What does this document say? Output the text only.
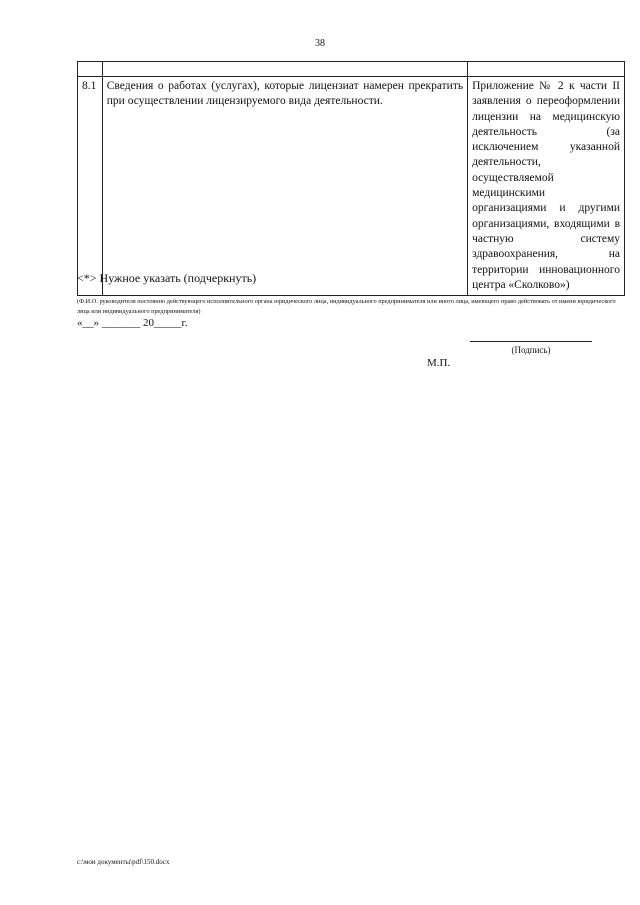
38

8.1	Сведения о работах (услугах), которые лицензиат намерен прекратить при осуществлении лицензируемого вида деятельности.	Приложение № 2 к части II заявления о переоформлении лицензии на медицинскую деятельность (за исключением указанной деятельности, осуществляемой медицинскими организациями и другими организациями, входящими в частную систему здравоохранения, на территории инновационного центра «Сколково»)
<*> Нужное указать (подчеркнуть)
(Ф.И.О. руководителя постоянно действующего исполнительного органа юридического лица, индивидуального предпринимателя или иного лица, имеющего право действовать от имени юридического лица или индивидуального предпринимателя)
«__» _______ 20_____г.
(Подпись)
М.П.
c:\мои документы\pdf\150.docx
